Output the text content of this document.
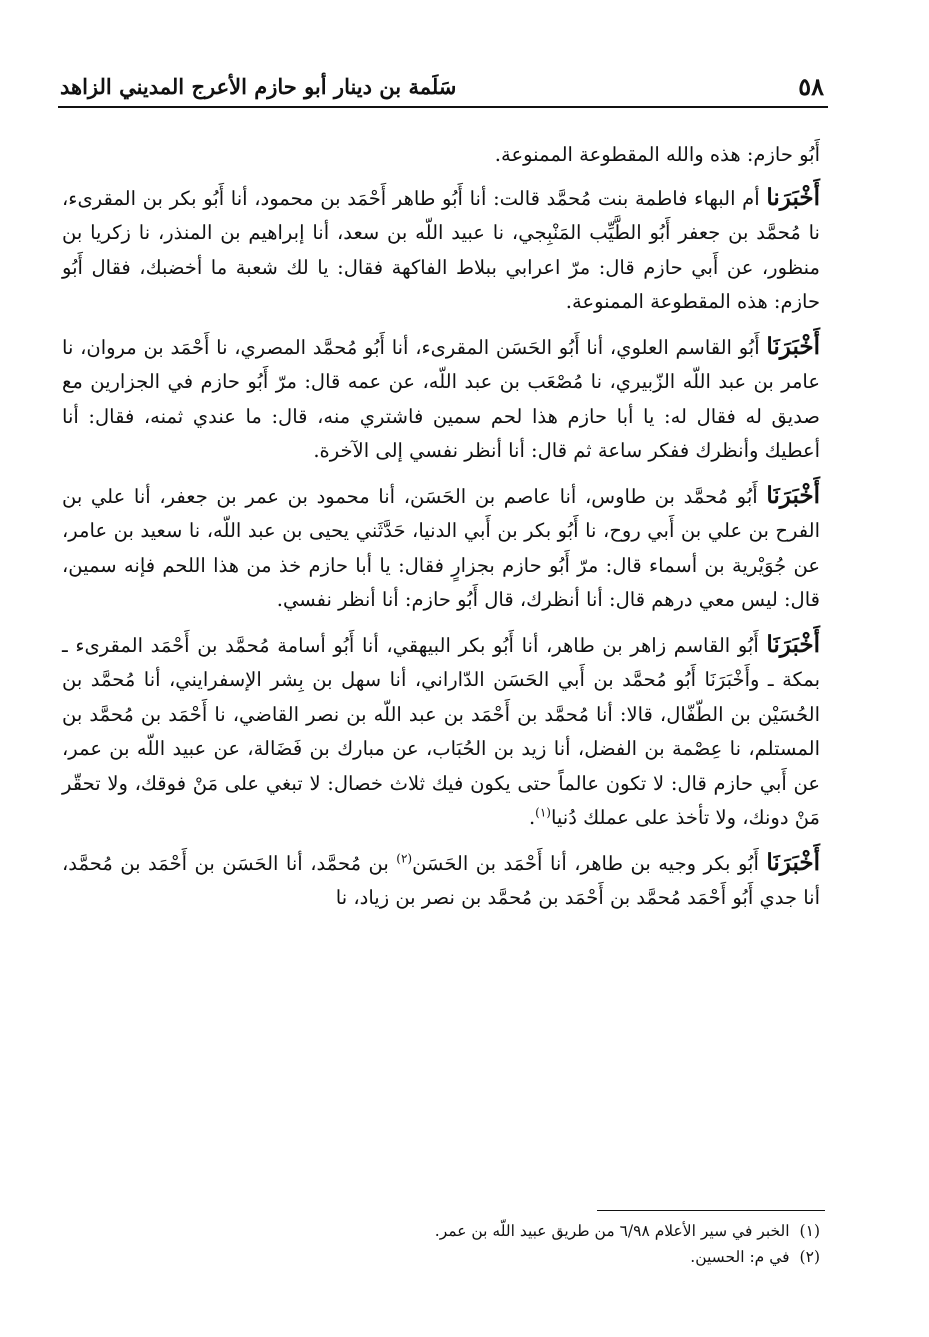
٥٨
سَلَمة بن دينار أبو حازم الأعرج المديني الزاهد

أَبُو حازم: هذه والله المقطوعة الممنوعة.

أَخْبَرَنا أم البهاء فاطمة بنت مُحمَّد قالت: أنا أَبُو طاهر أَحْمَد بن محمود، أنا أَبُو بكر بن المقرىء، نا مُحمَّد بن جعفر أَبُو الطَّيِّب المَنْبِجي، نا عبيد اللّه بن سعد، أنا إبراهيم بن المنذر، نا زكريا بن منظور، عن أَبي حازم قال: مرّ اعرابي ببلاط الفاكهة فقال: يا لك شعبة ما أخضبك، فقال أَبُو حازم: هذه المقطوعة الممنوعة.

أَخْبَرَنَا أَبُو القاسم العلوي، أنا أَبُو الحَسَن المقرىء، أنا أَبُو مُحمَّد المصري، نا أَحْمَد بن مروان، نا عامر بن عبد اللّه الزّبيري، نا مُصْعَب بن عبد اللّه، عن عمه قال: مرّ أَبُو حازم في الجزارين مع صديق له فقال له: يا أبا حازم هذا لحم سمين فاشتري منه، قال: ما عندي ثمنه، فقال: أنا أعطيك وأنظرك ففكر ساعة ثم قال: أنا أنظر نفسي إلى الآخرة.

أَخْبَرَنَا أَبُو مُحمَّد بن طاوس، أنا عاصم بن الحَسَن، أنا محمود بن عمر بن جعفر، أنا علي بن الفرح بن علي بن أَبي روح، نا أَبُو بكر بن أَبي الدنيا، حَدَّثَني يحيى بن عبد اللّه، نا سعيد بن عامر، عن جُوَيْرية بن أسماء قال: مرّ أَبُو حازم بجزارٍ فقال: يا أبا حازم خذ من هذا اللحم فإنه سمين، قال: ليس معي درهم قال: أنا أنظرك، قال أَبُو حازم: أنا أنظر نفسي.

أَخْبَرَنَا أَبُو القاسم زاهر بن طاهر، أنا أَبُو بكر البيهقي، أنا أَبُو أسامة مُحمَّد بن أَحْمَد المقرىء ـ بمكة ـ وأَخْبَرَنَا أَبُو مُحمَّد بن أَبي الحَسَن الدّاراني، أنا سهل بن بِشر الإسفرايني، أنا مُحمَّد بن الحُسَيْن بن الطّفّال، قالا: أنا مُحمَّد بن أَحْمَد بن عبد اللّه بن نصر القاضي، نا أَحْمَد بن مُحمَّد بن المستلم، نا عِصْمة بن الفضل، أنا زيد بن الحُبَاب، عن مبارك بن فَضَالة، عن عبيد اللّه بن عمر، عن أَبي حازم قال: لا تكون عالماً حتى يكون فيك ثلاث خصال: لا تبغي على مَنْ فوقك، ولا تحقّر مَنْ دونك، ولا تأخذ على عملك دُنيا$^{(١)}$.

أَخْبَرَنَا أَبُو بكر وجيه بن طاهر، أنا أَحْمَد بن الحَسَن$^{(٢)}$ بن مُحمَّد، أنا الحَسَن بن أَحْمَد بن مُحمَّد، أنا جدي أَبُو أَحْمَد مُحمَّد بن أَحْمَد بن مُحمَّد بن نصر بن زياد، نا

(١)الخبر في سير الأعلام ٦/٩٨ من طريق عبيد اللّه بن عمر.
(٢)في م: الحسين.
